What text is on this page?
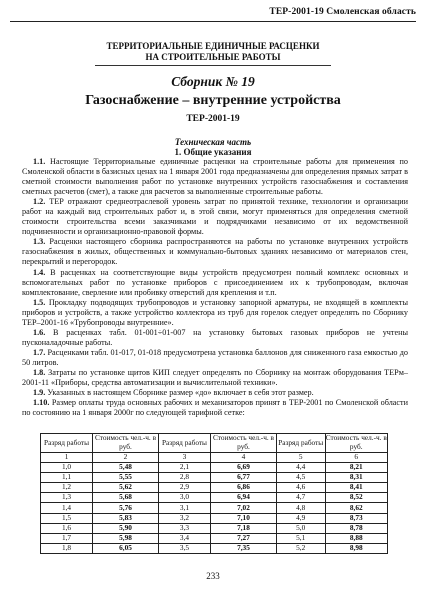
ТЕР-2001-19 Смоленская область
ТЕРРИТОРИАЛЬНЫЕ ЕДИНИЧНЫЕ РАСЦЕНКИ
НА СТРОИТЕЛЬНЫЕ РАБОТЫ
Сборник № 19
Газоснабжение – внутренние устройства
ТЕР-2001-19
Техническая часть
1. Общие указания

1.1. Настоящие Территориальные единичные расценки на строительные работы для применения по Смоленской области в базисных ценах на 1 января 2001 года предназначены для определения прямых затрат в сметной стоимости выполнения работ по установке внутренних устройств газоснабжения и составления сметных расчетов (смет), а также для расчетов за выполненные строительные работы.

1.2. ТЕР отражают среднеотраслевой уровень затрат по принятой технике, технологии и организации работ на каждый вид строительных работ и, в этой связи, могут применяться для определения сметной стоимости строительства всеми заказчиками и подрядчиками независимо от их ведомственной подчиненности и организационно-правовой формы.

1.3. Расценки настоящего сборника распространяются на работы по установке внутренних устройств газоснабжения в жилых, общественных и коммунально-бытовых зданиях независимо от материалов стен, перекрытий и перегородок.

1.4. В расценках на соответствующие виды устройств предусмотрен полный комплекс основных и вспомогательных работ по установке приборов с присоединением их к трубопроводам, включая комплектование, сверление или пробивку отверстий для крепления и т.п.

1.5. Прокладку подводящих трубопроводов и установку запорной арматуры, не входящей в комплекты приборов и устройств, а также устройство коллектора из труб для горелок следует определять по Сборнику ТЕР–2001-16 «Трубопроводы внутренние».

1.6. В расценках табл. 01-001÷01-007 на установку бытовых газовых приборов не учтены пусконаладочные работы.

1.7. Расценками табл. 01-017, 01-018 предусмотрена установка баллонов для сниженного газа емкостью до 50 литров.

1.8. Затраты по установке щитов КИП следует определять по Сборнику на монтаж оборудования ТЕРм–2001-11 «Приборы, средства автоматизации и вычислительной техники».

1.9. Указанных в настоящем Сборнике размер «до» включает в себя этот размер.

1.10. Размер оплаты труда основных рабочих и механизаторов принят в ТЕР-2001 по Смоленской области по состоянию на 1 января 2000г по следующей тарифной сетке:

Разряд работы	Стоимость чел.-ч. в руб.	Разряд работы	Стоимость чел.-ч. в руб.	Разряд работы	Стоимость чел.-ч. в руб.
1	2	3	4	5	6
1,0	5,48	2,1	6,69	4,4	8,21
1,1	5,55	2,8	6,77	4,5	8,31
1,2	5,62	2,9	6,86	4,6	8,41
1,3	5,68	3,0	6,94	4,7	8,52
1,4	5,76	3,1	7,02	4,8	8,62
1,5	5,83	3,2	7,10	4,9	8,73
1,6	5,90	3,3	7,18	5,0	8,78
1,7	5,98	3,4	7,27	5,1	8,88
1,8	6,05	3,5	7,35	5,2	8,98
233
